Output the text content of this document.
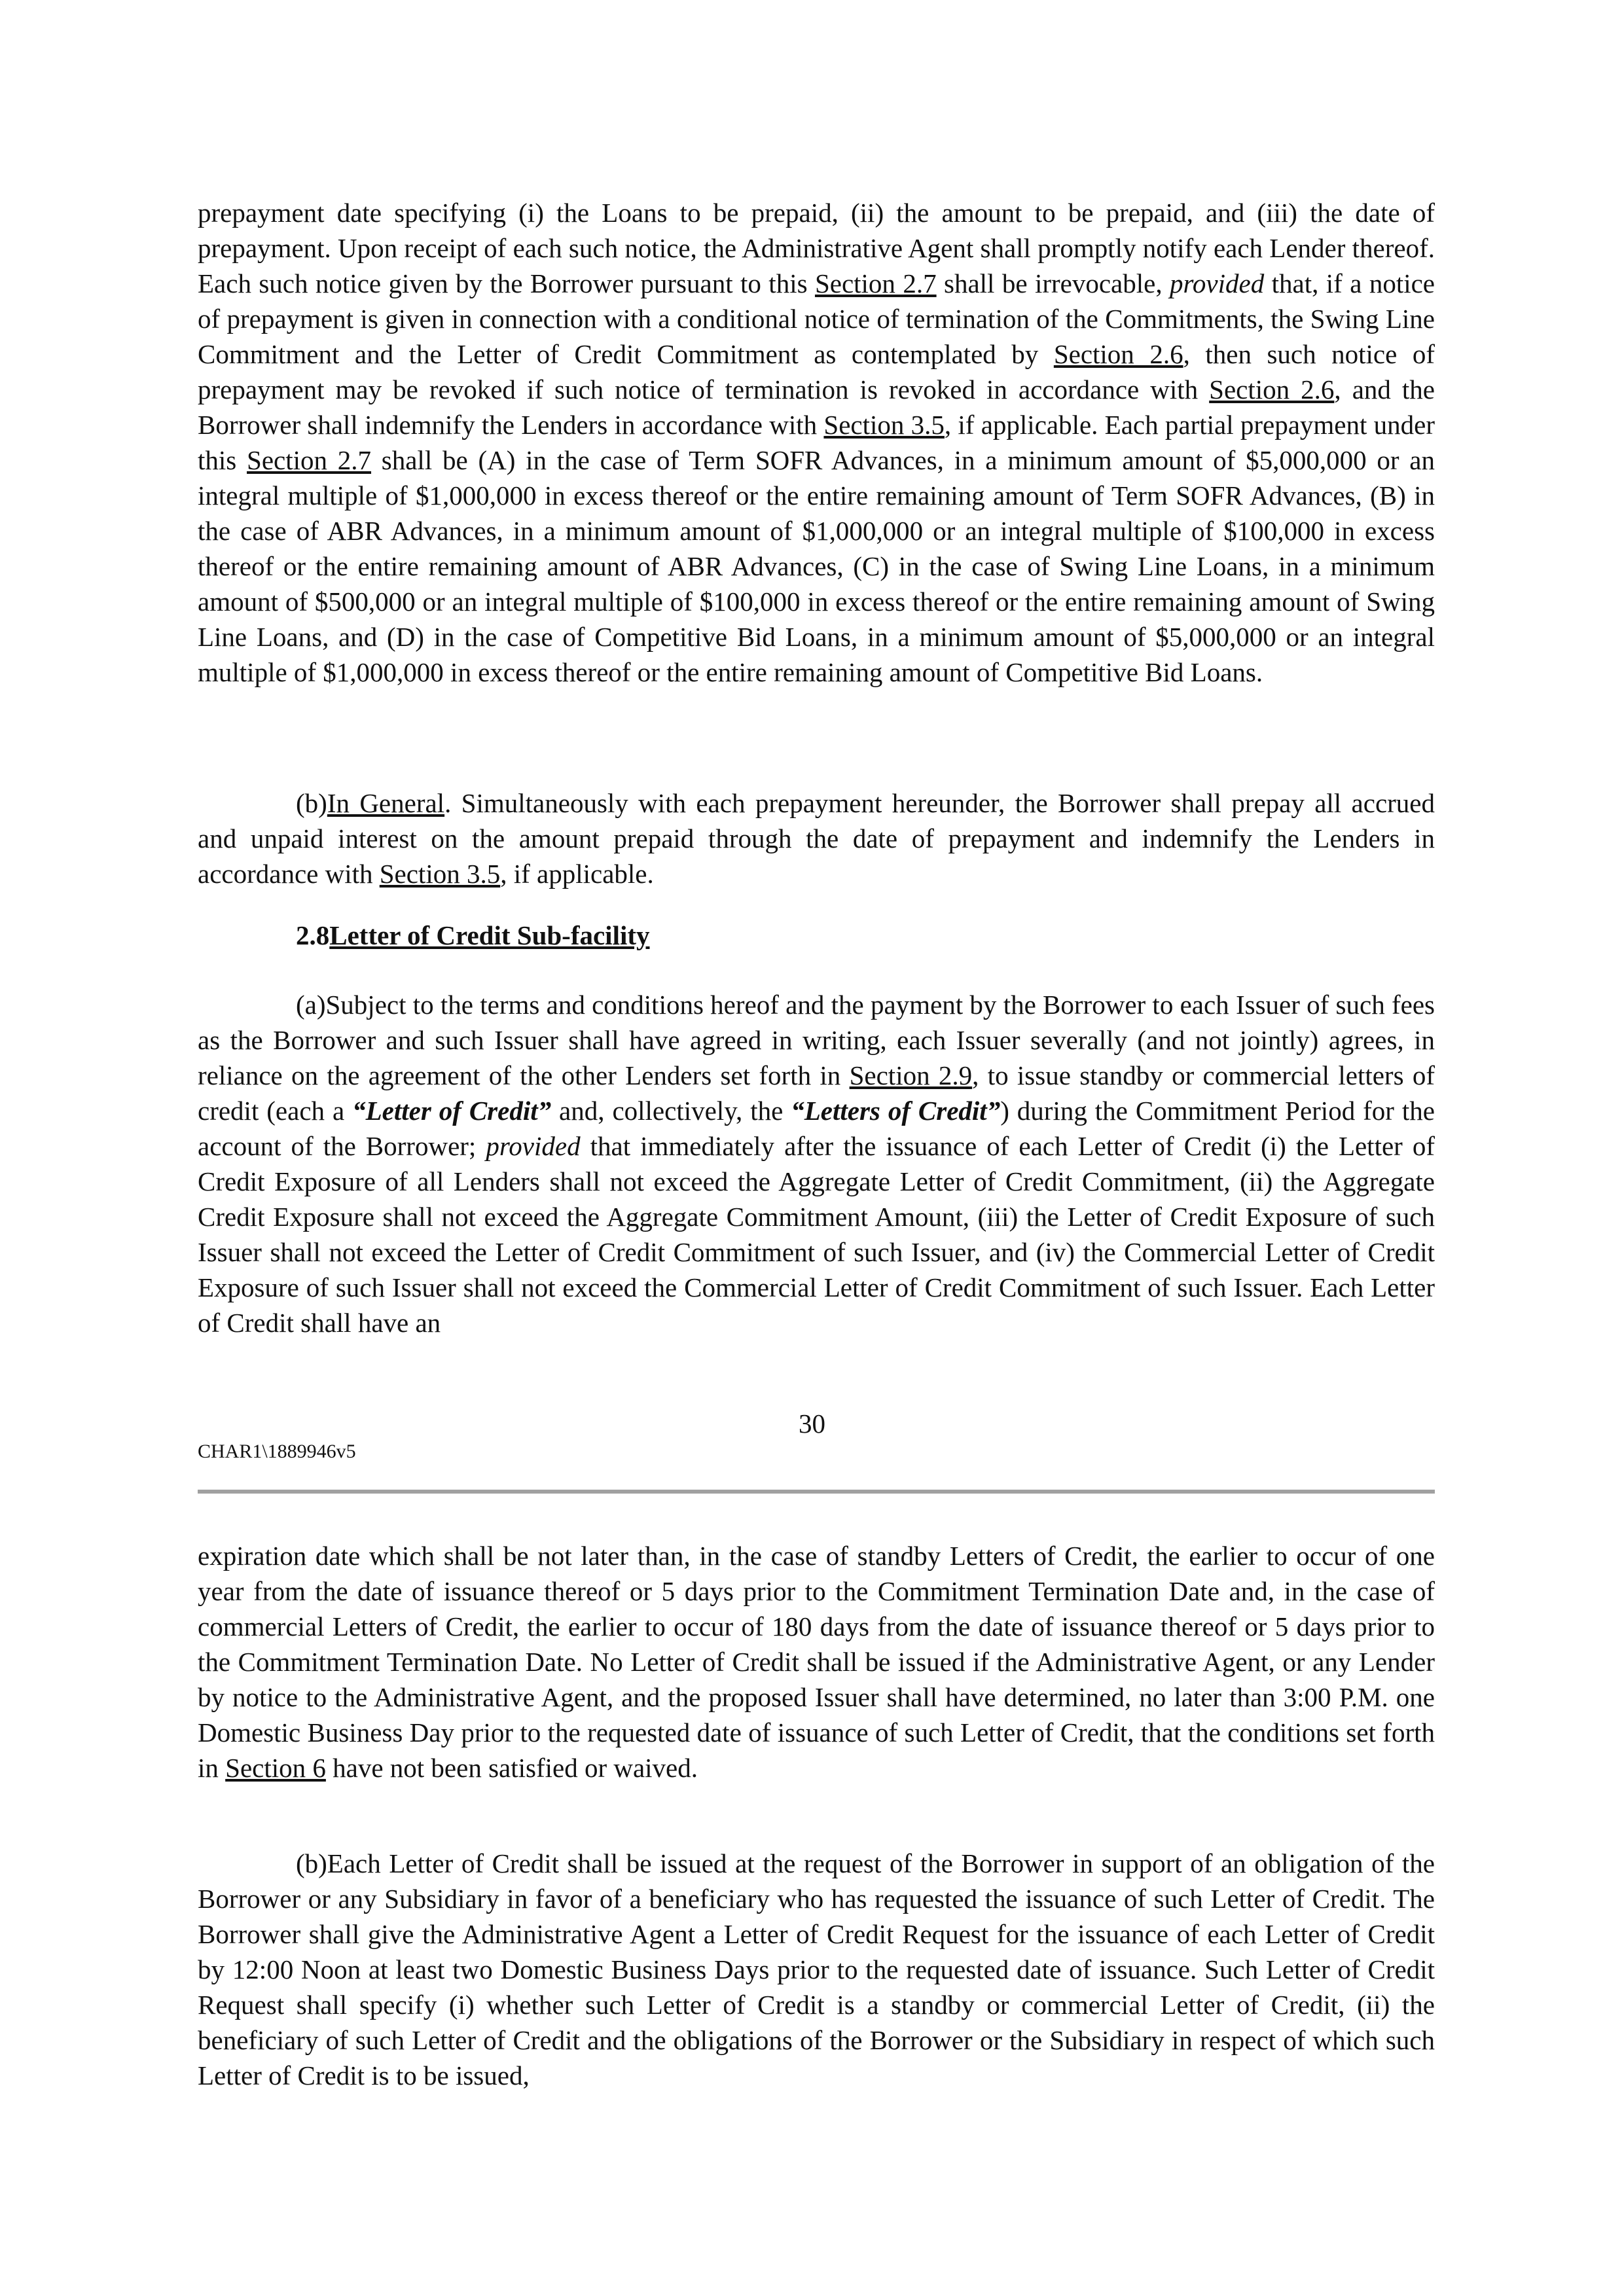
prepayment date specifying (i) the Loans to be prepaid, (ii) the amount to be prepaid, and (iii) the date of prepayment. Upon receipt of each such notice, the Administrative Agent shall promptly notify each Lender thereof. Each such notice given by the Borrower pursuant to this Section 2.7 shall be irrevocable, provided that, if a notice of prepayment is given in connection with a conditional notice of termination of the Commitments, the Swing Line Commitment and the Letter of Credit Commitment as contemplated by Section 2.6, then such notice of prepayment may be revoked if such notice of termination is revoked in accordance with Section 2.6, and the Borrower shall indemnify the Lenders in accordance with Section 3.5, if applicable. Each partial prepayment under this Section 2.7 shall be (A) in the case of Term SOFR Advances, in a minimum amount of $5,000,000 or an integral multiple of $1,000,000 in excess thereof or the entire remaining amount of Term SOFR Advances, (B) in the case of ABR Advances, in a minimum amount of $1,000,000 or an integral multiple of $100,000 in excess thereof or the entire remaining amount of ABR Advances, (C) in the case of Swing Line Loans, in a minimum amount of $500,000 or an integral multiple of $100,000 in excess thereof or the entire remaining amount of Swing Line Loans, and (D) in the case of Competitive Bid Loans, in a minimum amount of $5,000,000 or an integral multiple of $1,000,000 in excess thereof or the entire remaining amount of Competitive Bid Loans.

(b)In General. Simultaneously with each prepayment hereunder, the Borrower shall prepay all accrued and unpaid interest on the amount prepaid through the date of prepayment and indemnify the Lenders in accordance with Section 3.5, if applicable.

2.8Letter of Credit Sub-facility

(a)Subject to the terms and conditions hereof and the payment by the Borrower to each Issuer of such fees as the Borrower and such Issuer shall have agreed in writing, each Issuer severally (and not jointly) agrees, in reliance on the agreement of the other Lenders set forth in Section 2.9, to issue standby or commercial letters of credit (each a “Letter of Credit” and, collectively, the “Letters of Credit”) during the Commitment Period for the account of the Borrower; provided that immediately after the issuance of each Letter of Credit (i) the Letter of Credit Exposure of all Lenders shall not exceed the Aggregate Letter of Credit Commitment, (ii) the Aggregate Credit Exposure shall not exceed the Aggregate Commitment Amount, (iii) the Letter of Credit Exposure of such Issuer shall not exceed the Letter of Credit Commitment of such Issuer, and (iv) the Commercial Letter of Credit Exposure of such Issuer shall not exceed the Commercial Letter of Credit Commitment of such Issuer. Each Letter of Credit shall have an

30
CHAR1\1889946v5

expiration date which shall be not later than, in the case of standby Letters of Credit, the earlier to occur of one year from the date of issuance thereof or 5 days prior to the Commitment Termination Date and, in the case of commercial Letters of Credit, the earlier to occur of 180 days from the date of issuance thereof or 5 days prior to the Commitment Termination Date. No Letter of Credit shall be issued if the Administrative Agent, or any Lender by notice to the Administrative Agent, and the proposed Issuer shall have determined, no later than 3:00 P.M. one Domestic Business Day prior to the requested date of issuance of such Letter of Credit, that the conditions set forth in Section 6 have not been satisfied or waived.

(b)Each Letter of Credit shall be issued at the request of the Borrower in support of an obligation of the Borrower or any Subsidiary in favor of a beneficiary who has requested the issuance of such Letter of Credit. The Borrower shall give the Administrative Agent a Letter of Credit Request for the issuance of each Letter of Credit by 12:00 Noon at least two Domestic Business Days prior to the requested date of issuance. Such Letter of Credit Request shall specify (i) whether such Letter of Credit is a standby or commercial Letter of Credit, (ii) the beneficiary of such Letter of Credit and the obligations of the Borrower or the Subsidiary in respect of which such Letter of Credit is to be issued,
